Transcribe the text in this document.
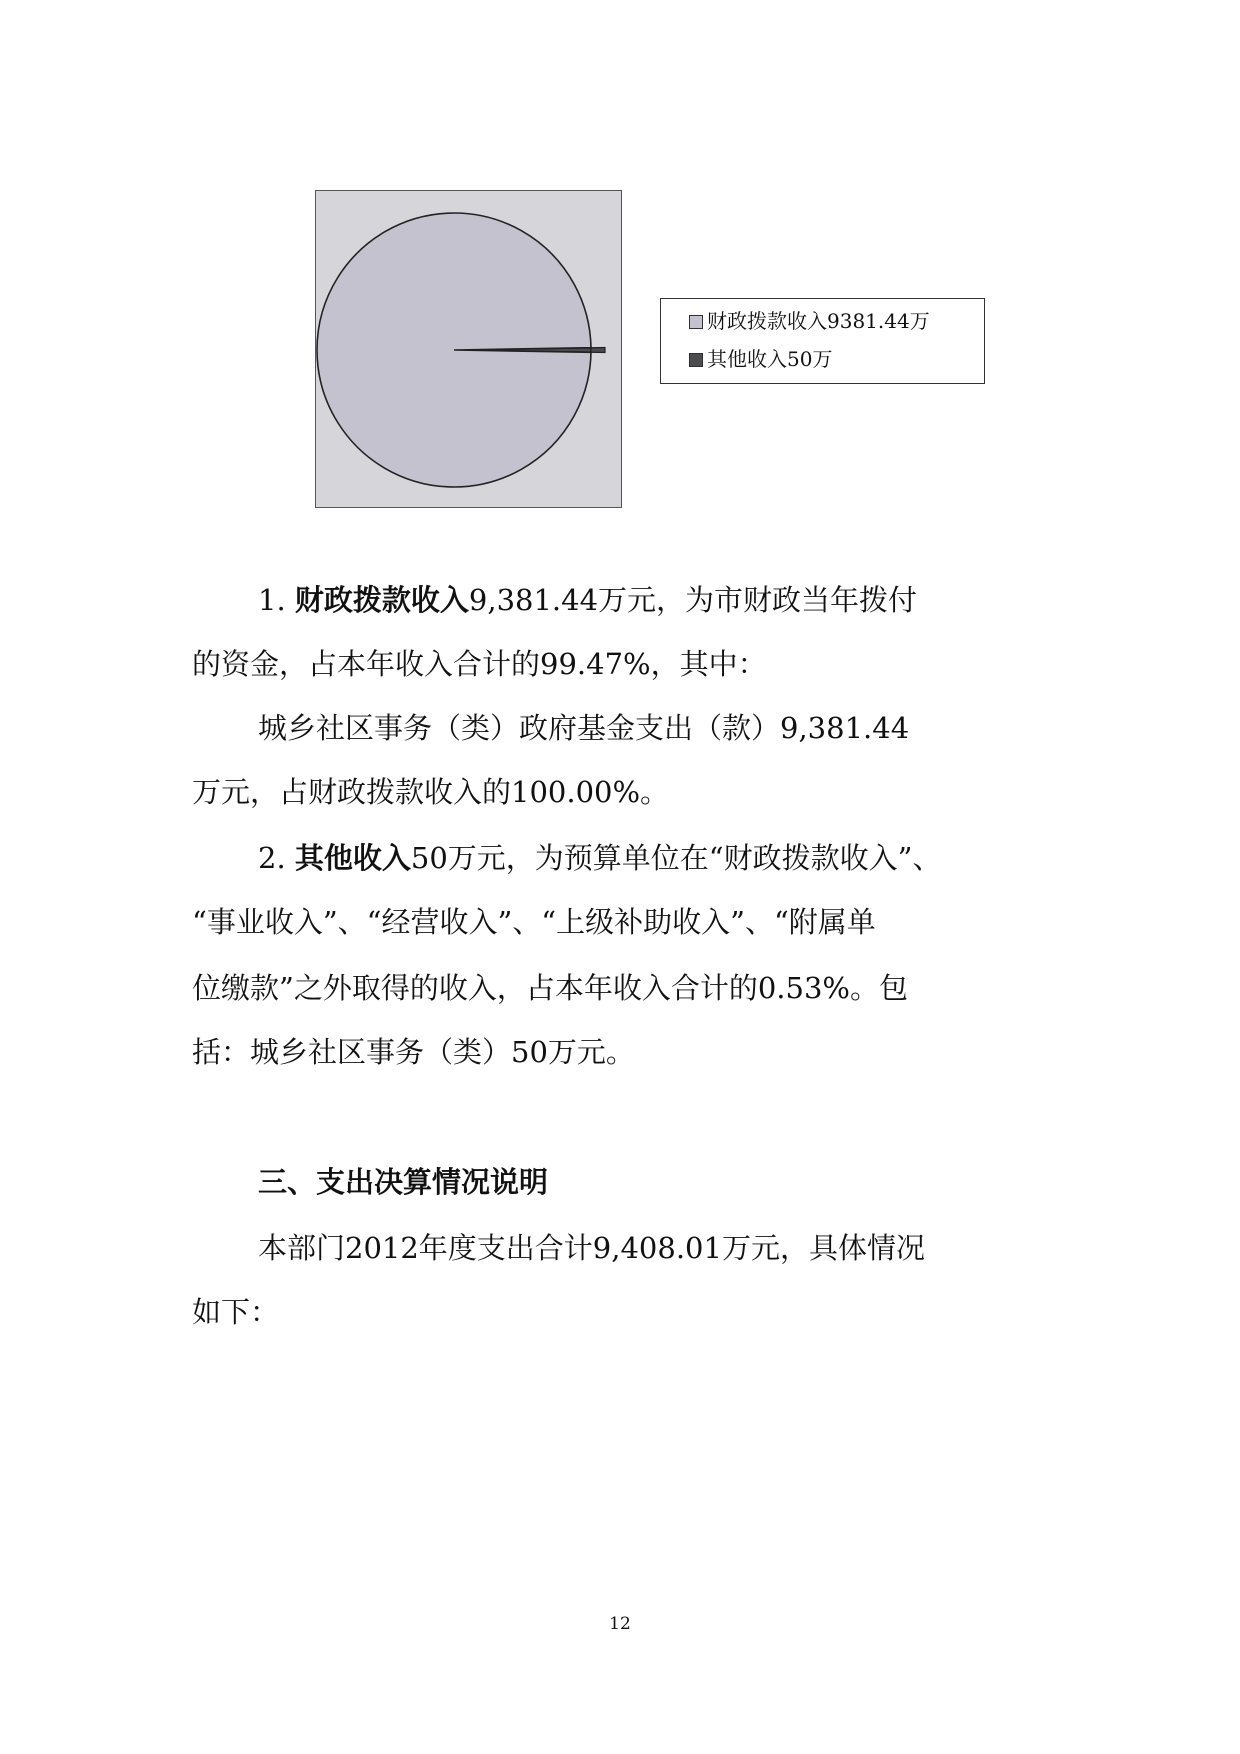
财政拨款收入9381.44万
其他收入50万
1. 财政拨款收入9,381.44万元，为市财政当年拨付
的资金，占本年收入合计的99.47%，其中：
城乡社区事务（类）政府基金支出（款）9,381.44
万元，占财政拨款收入的100.00%。
2. 其他收入50万元，为预算单位在“财政拨款收入”、
“事业收入”、“经营收入”、“上级补助收入”、“附属单
位缴款”之外取得的收入，占本年收入合计的0.53%。包
括：城乡社区事务（类）50万元。
三、支出决算情况说明
本部门2012年度支出合计9,408.01万元，具体情况
如下：
12
